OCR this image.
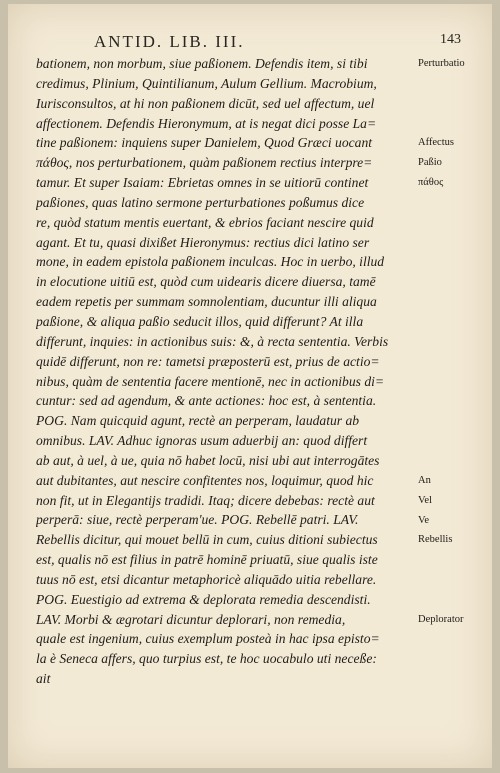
ANTID. LIB. III.	143
bationem, non morbum, siue paßionem. Defendis item, si tibi
credimus, Plinium, Quintilianum, Aulum Gellium. Macrobium,
Iurisconsultos, at hi non paßionem dicūt, sed uel affectum, uel
affectionem. Defendis Hieronymum, at is negat dici posse La=
tine paßionem: inquiens super Danielem, Quod Græci uocant
πάθος, nos perturbationem, quàm paßionem rectius interpre=
tamur. Et super Isaiam: Ebrietas omnes in se uitiorū continet
paßiones, quas latino sermone perturbationes poßumus dice
re, quòd statum mentis euertant, & ebrios faciant nescire quid
agant. Et tu, quasi dixißet Hieronymus: rectius dici latino ser
mone, in eadem epistola paßionem inculcas. Hoc in uerbo, illud
in elocutione uitiū est, quòd cum uidearis dicere diuersa, tamē
eadem repetis per summam somnolentiam, ducuntur illi aliqua
paßione, & aliqua paßio seducit illos, quid differunt? At illa
differunt, inquies: in actionibus suis: &, à recta sententia. Verbis
quidē differunt, non re: tametsi præposterū est, prius de actio=
nibus, quàm de sententia facere mentionē, nec in actionibus di=
cuntur: sed ad agendum, & ante actiones: hoc est, à sententia.
POG. Nam quicquid agunt, rectè an perperam, laudatur ab
omnibus. LAV. Adhuc ignoras usum aduerbij an: quod differt
ab aut, à uel, à ue, quia nō habet locū, nisi ubi aut interrogātes
aut dubitantes, aut nescire confitentes nos, loquimur, quod hic
non fit, ut in Elegantijs tradidi. Itaq; dicere debebas: rectè aut
perperā: siue, rectè perperam'ue. POG. Rebellē patri. LAV.
Rebellis dicitur, qui mouet bellū in cum, cuius ditioni subiectus
est, qualis nō est filius in patrē hominē priuatū, siue qualis iste
tuus nō est, etsi dicantur metaphoricè aliquādo uitia rebellare.
POG. Euestigio ad extrema & deplorata remedia descendisti.
LAV. Morbi & ægrotari dicuntur deplorari, non remedia,
quale est ingenium, cuius exemplum posteà in hac ipsa episto=
la è Seneca affers, quo turpius est, te hoc uocabulo uti neceße:
ait
Perturbatio
Affectus
Paßio
πάθος
An
Vel
Ve
Rebellis
Deplorator
